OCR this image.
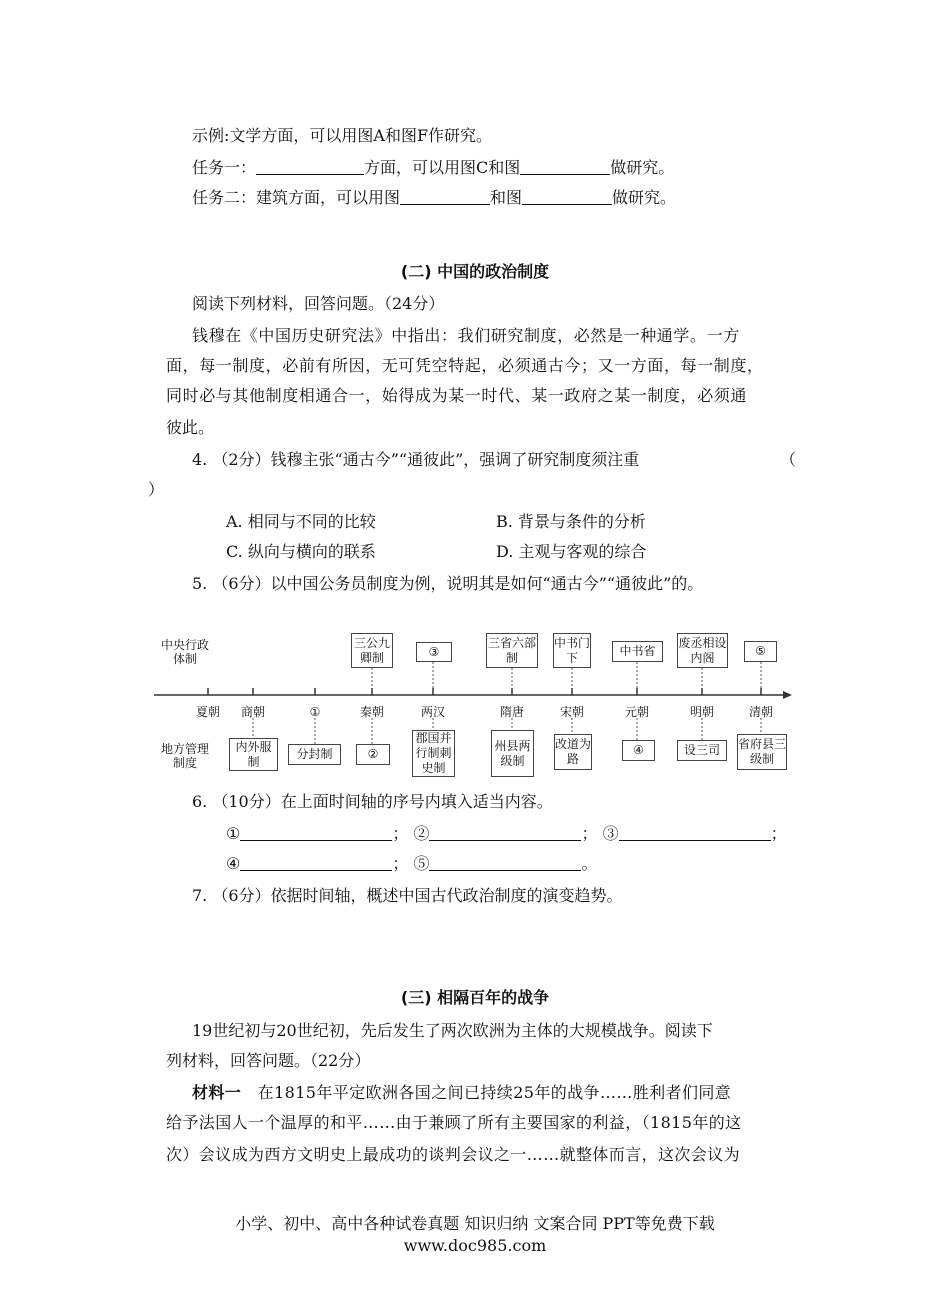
示例:文学方面，可以用图A和图F作研究。
任务一：	方面，可以用图C和图	做研究。
任务二：建筑方面，可以用图	和图	做研究。
(二) 中国的政治制度
阅读下列材料，回答问题。（24分）
钱穆在《中国历史研究法》中指出：我们研究制度，必然是一种通学。一方
面，每一制度，必前有所因，无可凭空特起，必须通古今；又一方面，每一制度，
同时必与其他制度相通合一，始得成为某一时代、某一政府之某一制度，必须通
彼此。
4. （2分）钱穆主张“通古今”“通彼此”，强调了研究制度须注重	（
）
A. 相同与不同的比较	B. 背景与条件的分析
C. 纵向与横向的联系	D. 主观与客观的综合
5. （6分）以中国公务员制度为例，说明其是如何“通古今”“通彼此”的。
中央行政体制
地方管理制度
夏朝	商朝	①	秦朝	两汉	隋唐	宋朝	元朝	明朝	清朝
三公九卿制	③
三省六部制
中书门下	中书省
废丞相设内阁	⑤
内外服制
分封制	②
郡国并行制刺史制
州县两级制
改道为路
④	设三司	省府县三级制
6. （10分）在上面时间轴的序号内填入适当内容。
①	； ②	； ③	；
④	； ⑤	。
7. （6分）依据时间轴，概述中国古代政治制度的演变趋势。
(三) 相隔百年的战争
19世纪初与20世纪初，先后发生了两次欧洲为主体的大规模战争。阅读下
列材料，回答问题。（22分）
材料一 在1815年平定欧洲各国之间已持续25年的战争……胜利者们同意
给予法国人一个温厚的和平……由于兼顾了所有主要国家的利益，（1815年的这
次）会议成为西方文明史上最成功的谈判会议之一……就整体而言，这次会议为
小学、初中、高中各种试卷真题 知识归纳 文案合同 PPT等免费下载
www.doc985.com
